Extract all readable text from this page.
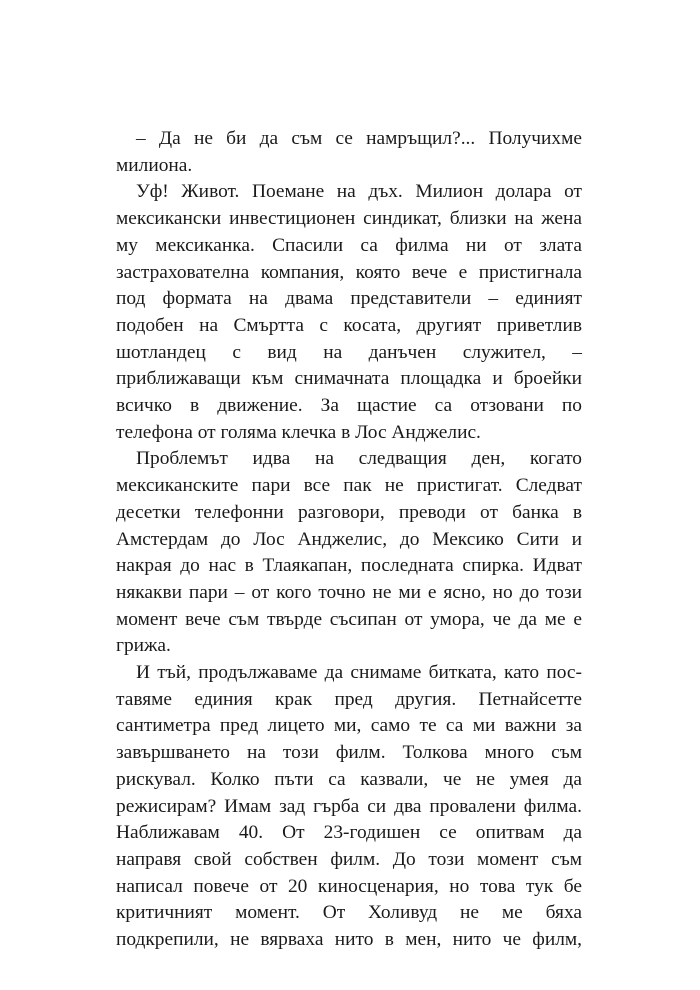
– Да не би да съм се намръщил?... Получихме
милиона.

Уф! Живот. Поемане на дъх. Милион долара от
мексикански инвестиционен синдикат, близки на жена
му мексиканка. Спасили са филма ни от злата
застрахователна компания, която вече е пристигнала
под формата на двама представители – единият
подобен на Смъртта с косата, другият приветлив
шотландец с вид на данъчен служител, –
приближаващи към снимачната площадка и броейки
всичко в движение. За щастие са отзовани по
телефона от голяма клечка в Лос Анджелис.

Проблемът идва на следващия ден, когато
мексиканските пари все пак не пристигат. Следват
десетки телефонни разговори, преводи от банка в
Амстердам до Лос Анджелис, до Мексико Сити и
накрая до нас в Тлаякапан, последната спирка. Идват
някакви пари – от кого точно не ми е ясно, но до този
момент вече съм твърде съсипан от умора, че да ме е
грижа.

И тъй, продължаваме да снимаме битката, като пос-
тавяме единия крак пред другия. Петнайсетте
сантиметра пред лицето ми, само те са ми важни за
завършването на този филм. Толкова много съм
рискувал. Колко пъти са казвали, че не умея да
режисирам? Имам зад гърба си два провалени филма.
Наближавам 40. От 23-годишен се опитвам да
направя свой собствен филм. До този момент съм
написал повече от 20 киносценария, но това тук бе
критичният момент. От Холивуд не ме бяха
подкрепили, не вярваха нито в мен, нито че филм,
